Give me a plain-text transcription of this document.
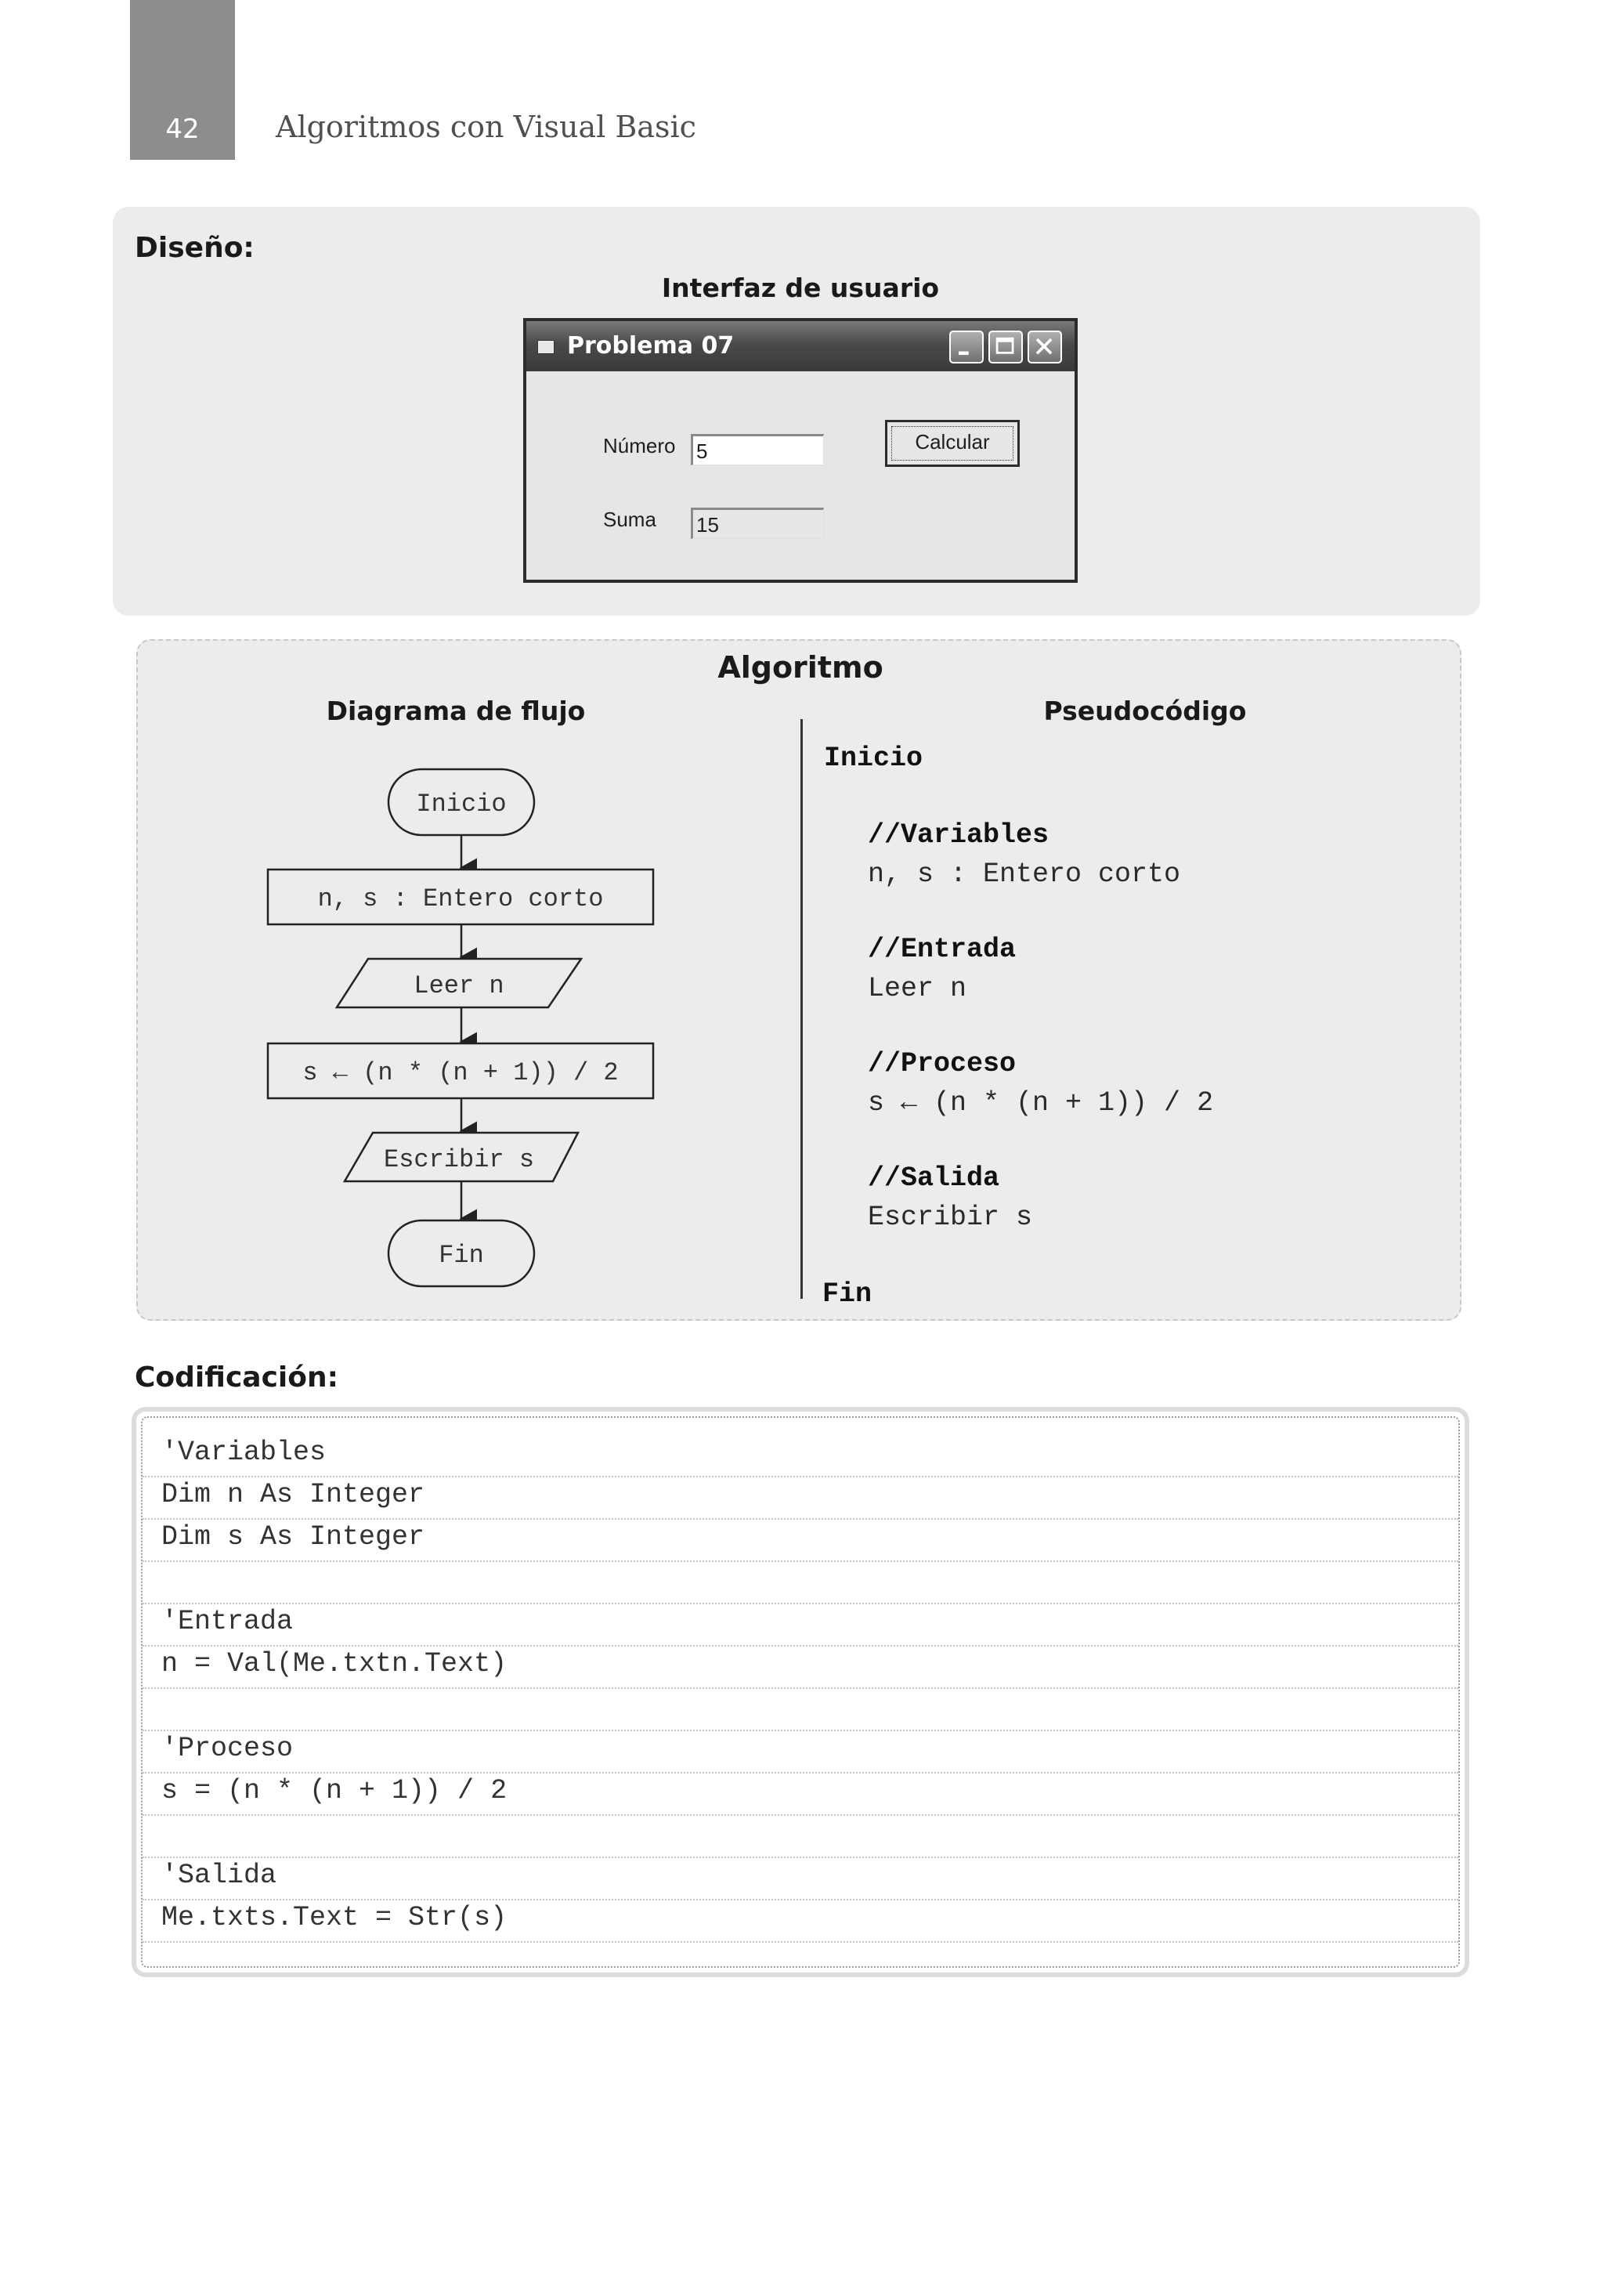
42	Algoritmos con Visual Basic
Diseño:
Interfaz de usuario
Problema 07
Número 5	Calcular
Suma 15
Algoritmo
Diagrama de flujo	Pseudocódigo
Inicio
n, s : Entero corto
Leer n
s ← (n * (n + 1)) / 2
Escribir s
Fin
Inicio
//Variables
n, s : Entero corto
//Entrada
Leer n
//Proceso
s ← (n * (n + 1)) / 2
//Salida
Escribir s
Fin
Codificación:
'Variables
Dim n As Integer
Dim s As Integer
'Entrada
n = Val(Me.txtn.Text)
'Proceso
s = (n * (n + 1)) / 2
'Salida
Me.txts.Text = Str(s)
